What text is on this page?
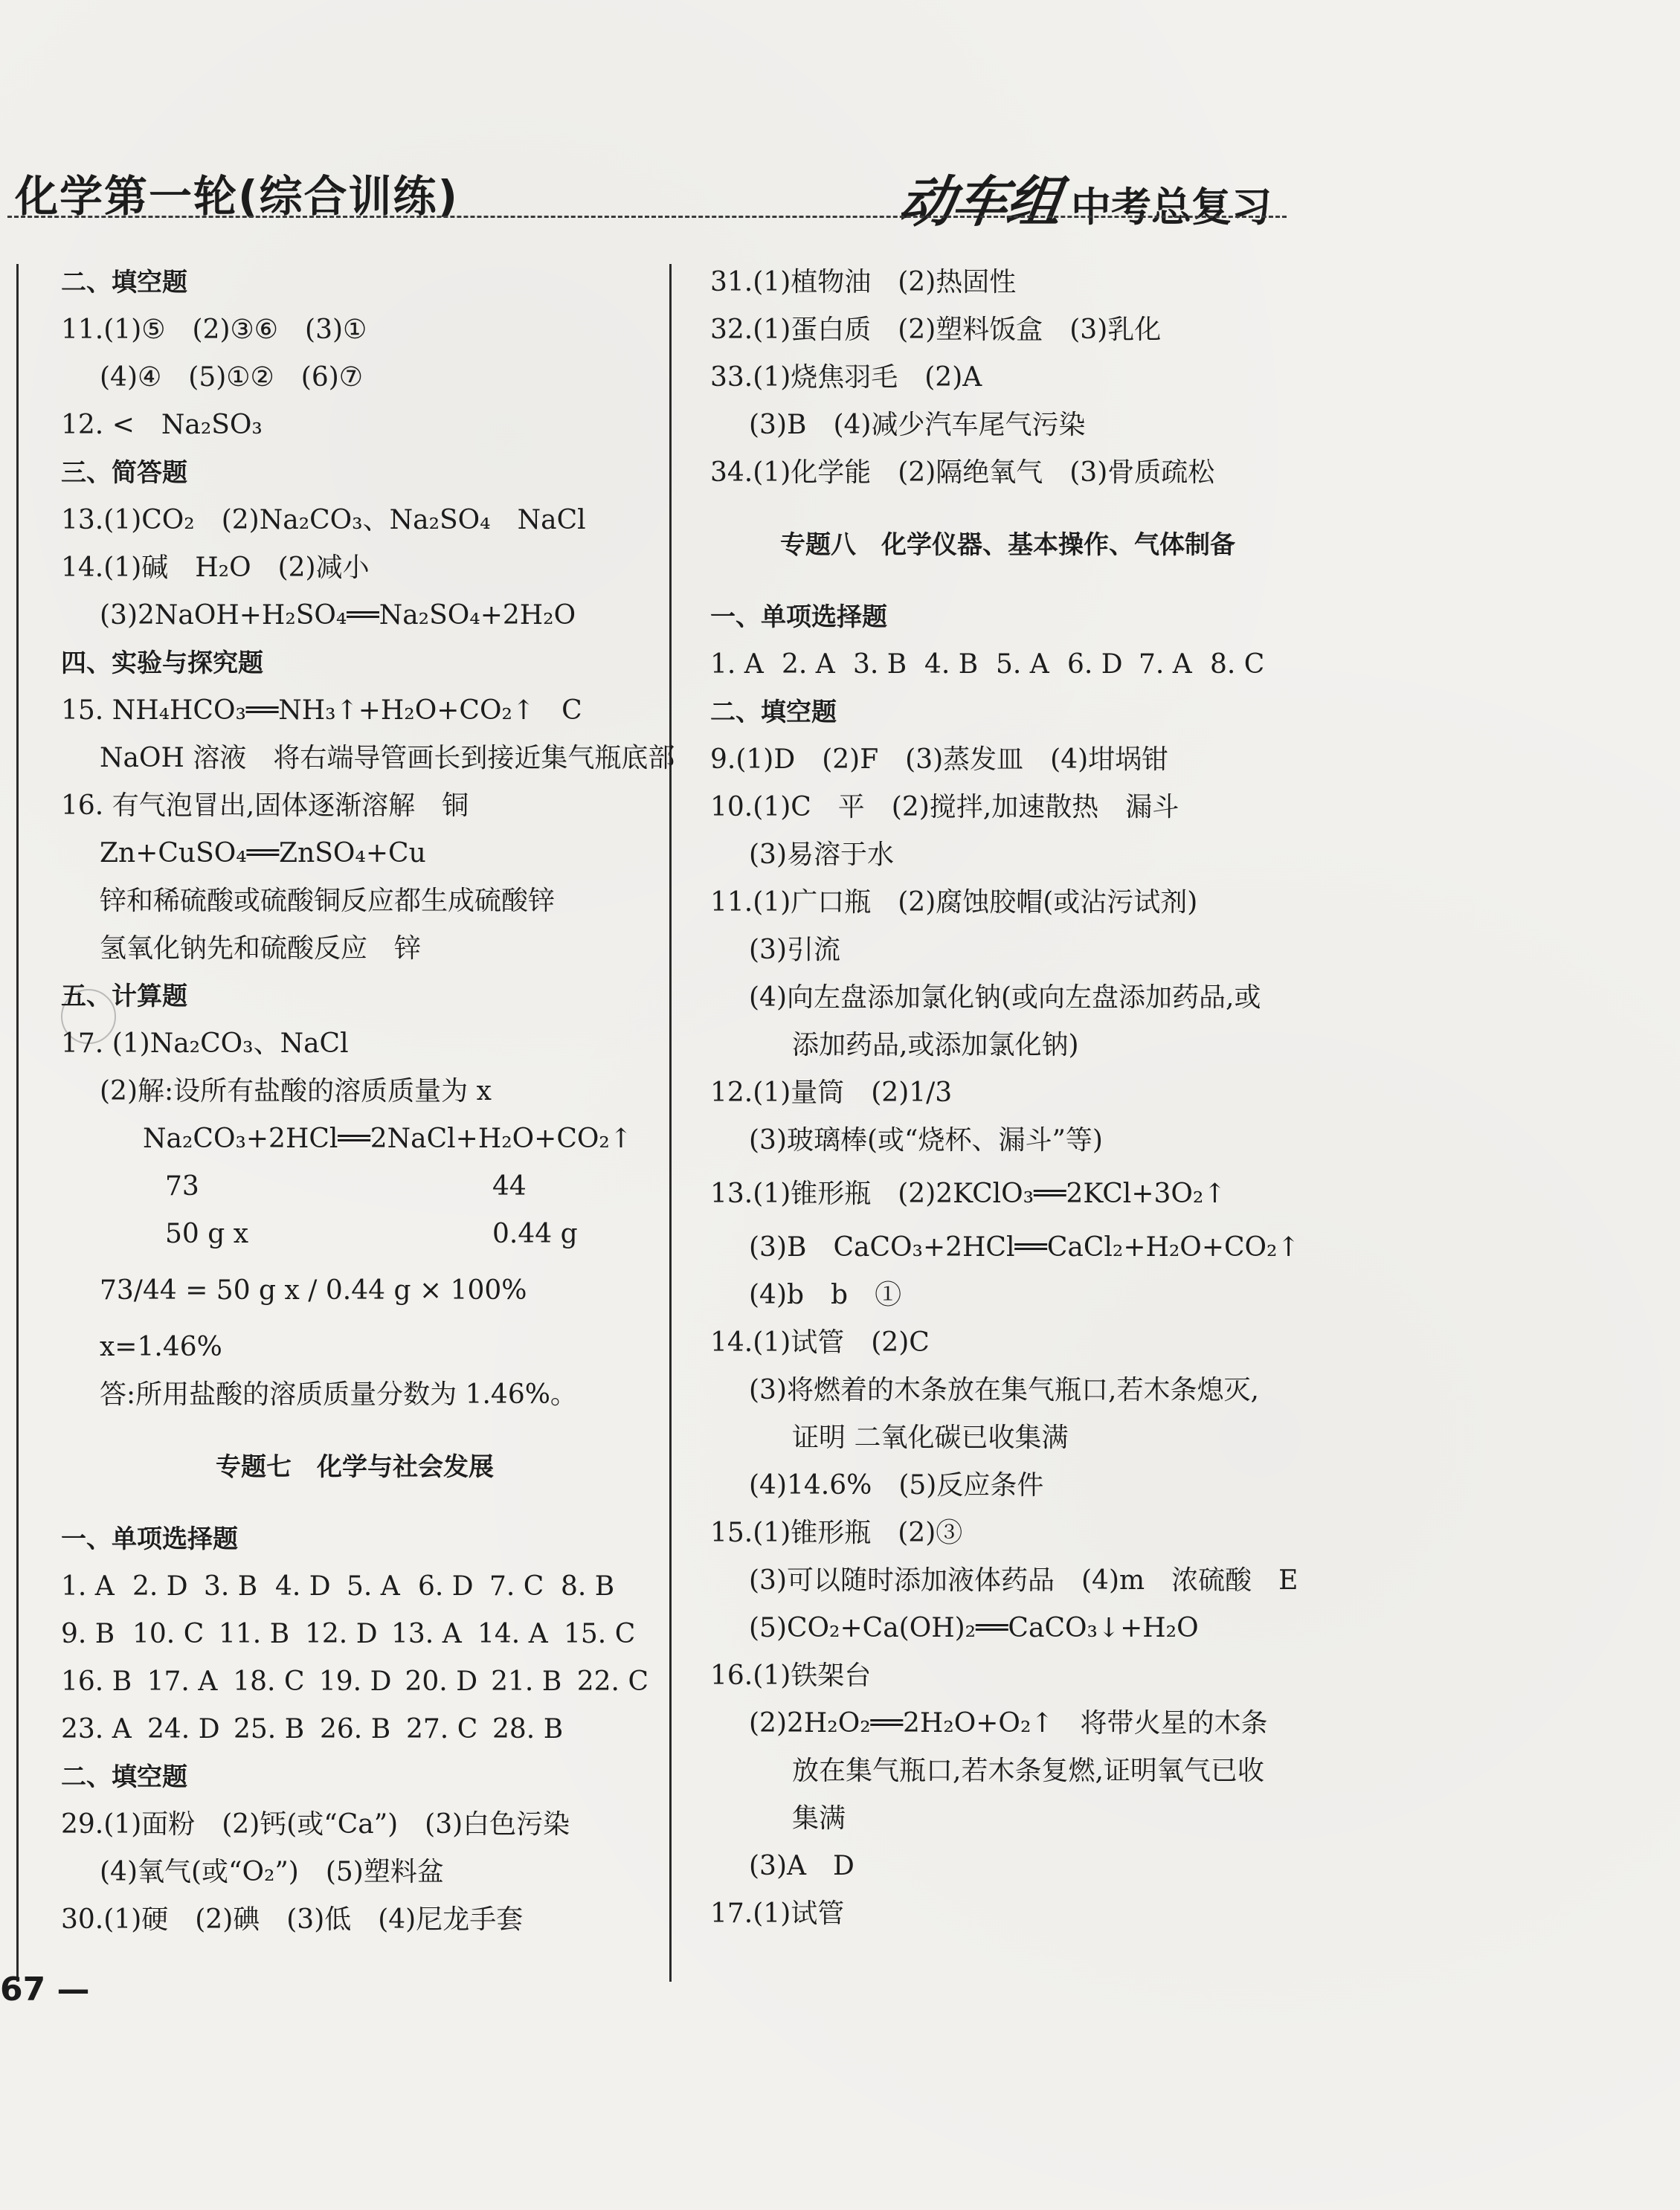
化学第一轮(综合训练)	动车组 中考总复习
二、填空题
11.(1)⑤　(2)③⑥　(3)①
(4)④　(5)①②　(6)⑦
12. <　Na₂SO₃
三、简答题
13.(1)CO₂　(2)Na₂CO₃、Na₂SO₄　NaCl
14.(1)碱　H₂O　(2)减小
(3)2NaOH+H₂SO₄══Na₂SO₄+2H₂O
四、实验与探究题
15. NH₄HCO₃══NH₃↑+H₂O+CO₂↑　C
NaOH 溶液　将右端导管画长到接近集气瓶底部
16. 有气泡冒出,固体逐渐溶解　铜
Zn+CuSO₄══ZnSO₄+Cu
锌和稀硫酸或硫酸铜反应都生成硫酸锌
氢氧化钠先和硫酸反应　锌
五、计算题
17. (1)Na₂CO₃、NaCl
(2)解:设所有盐酸的溶质质量为 x
Na₂CO₃+2HCl══2NaCl+H₂O+CO₂↑
73	44
50 g x	0.44 g
73/44 = 50 g x / 0.44 g × 100%
x=1.46%
答:所用盐酸的溶质质量分数为 1.46%。
专题七　化学与社会发展
一、单项选择题
1. A 2. D 3. B 4. D 5. A 6. D 7. C 8. B
9. B 10. C 11. B 12. D 13. A 14. A 15. C
16. B 17. A 18. C 19. D 20. D 21. B 22. C
23. A 24. D 25. B 26. B 27. C 28. B
二、填空题
29.(1)面粉　(2)钙(或“Ca”)　(3)白色污染
(4)氧气(或“O₂”)　(5)塑料盆
30.(1)硬　(2)碘　(3)低　(4)尼龙手套
31.(1)植物油　(2)热固性
32.(1)蛋白质　(2)塑料饭盒　(3)乳化
33.(1)烧焦羽毛　(2)A
(3)B　(4)减少汽车尾气污染
34.(1)化学能　(2)隔绝氧气　(3)骨质疏松
专题八　化学仪器、基本操作、气体制备
一、单项选择题
1. A 2. A 3. B 4. B 5. A 6. D 7. A 8. C
二、填空题
9.(1)D　(2)F　(3)蒸发皿　(4)坩埚钳
10.(1)C　平　(2)搅拌,加速散热　漏斗
(3)易溶于水
11.(1)广口瓶　(2)腐蚀胶帽(或沾污试剂)
(3)引流
(4)向左盘添加氯化钠(或向左盘添加药品,或
添加药品,或添加氯化钠)
12.(1)量筒　(2)1/3
(3)玻璃棒(或“烧杯、漏斗”等)
13.(1)锥形瓶　(2)2KClO₃══2KCl+3O₂↑
(3)B　CaCO₃+2HCl══CaCl₂+H₂O+CO₂↑
(4)b　b　①
14.(1)试管　(2)C
(3)将燃着的木条放在集气瓶口,若木条熄灭,
证明 二氧化碳已收集满
(4)14.6%　(5)反应条件
15.(1)锥形瓶　(2)③
(3)可以随时添加液体药品　(4)m　浓硫酸　E
(5)CO₂+Ca(OH)₂══CaCO₃↓+H₂O
16.(1)铁架台
(2)2H₂O₂══2H₂O+O₂↑　将带火星的木条
放在集气瓶口,若木条复燃,证明氧气已收
集满
(3)A　D
17.(1)试管
67 —
